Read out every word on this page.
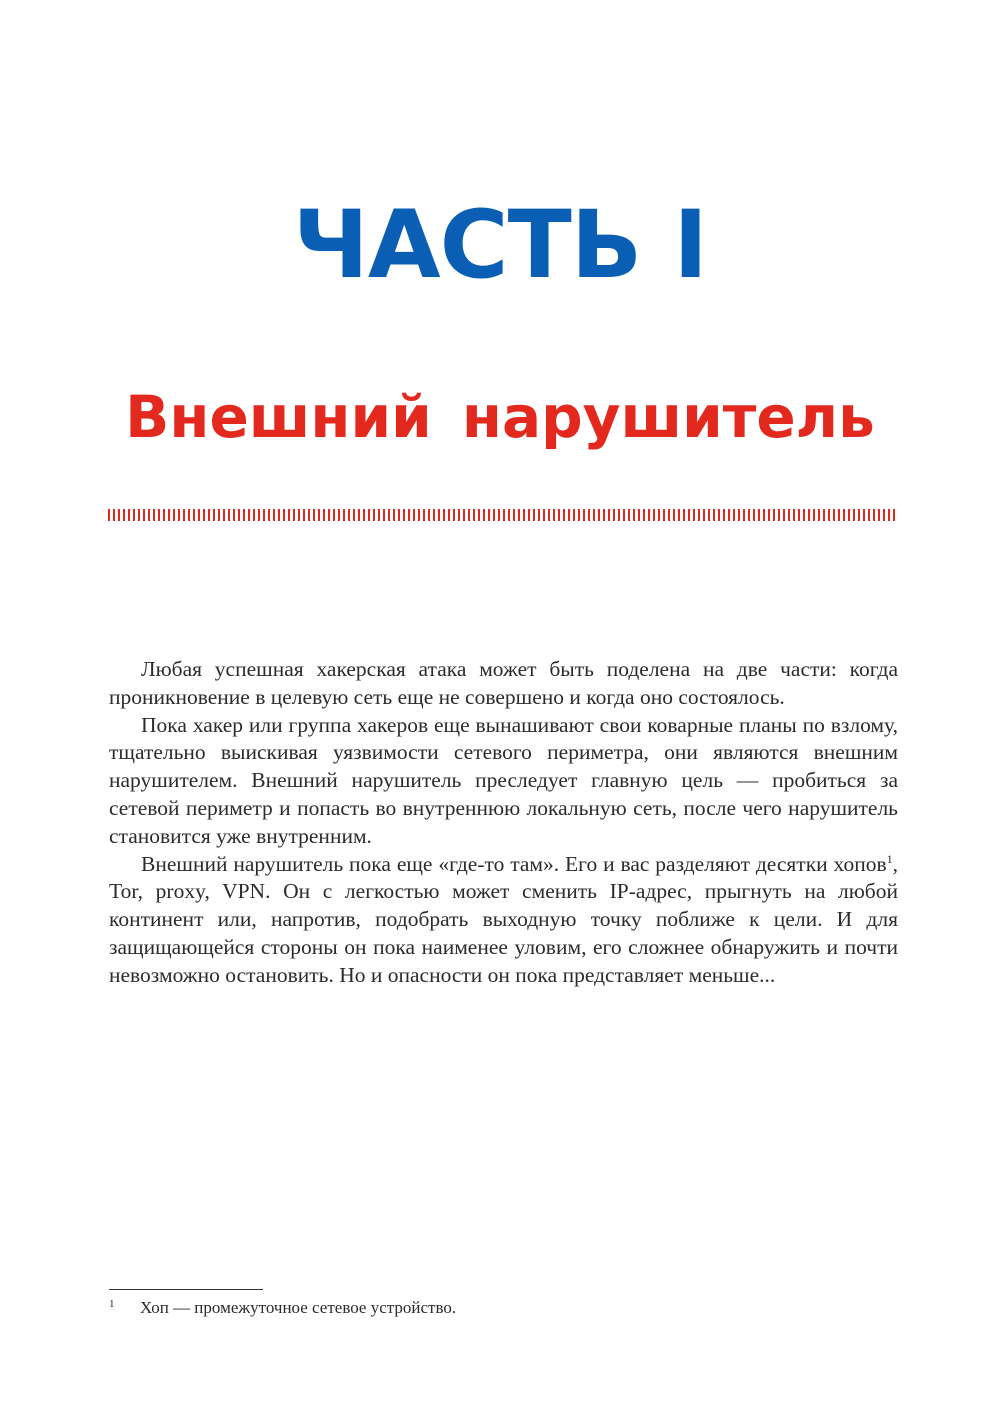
ЧАСТЬ I
Внешний нарушитель

Любая успешная хакерская атака может быть поделена на две части: когда проникновение в целевую сеть еще не совершено и когда оно состоялось.

Пока хакер или группа хакеров еще вынашивают свои коварные планы по взлому, тщательно выискивая уязвимости сетевого периметра, они являются внешним нарушителем. Внешний нарушитель преследует главную цель — пробиться за сетевой периметр и попасть во внутреннюю локальную сеть, после чего нарушитель становится уже внутренним.

Внешний нарушитель пока еще «где-то там». Его и вас разделяют десятки хопов$^1$, Tor, proxy, VPN. Он с легкостью может сменить IP-адрес, прыгнуть на любой континент или, напротив, подобрать выходную точку поближе к цели. И для защищающейся стороны он пока наименее уловим, его сложнее обнаружить и почти невозможно остановить. Но и опасности он пока представляет меньше...

1 Хоп — промежуточное сетевое устройство.
